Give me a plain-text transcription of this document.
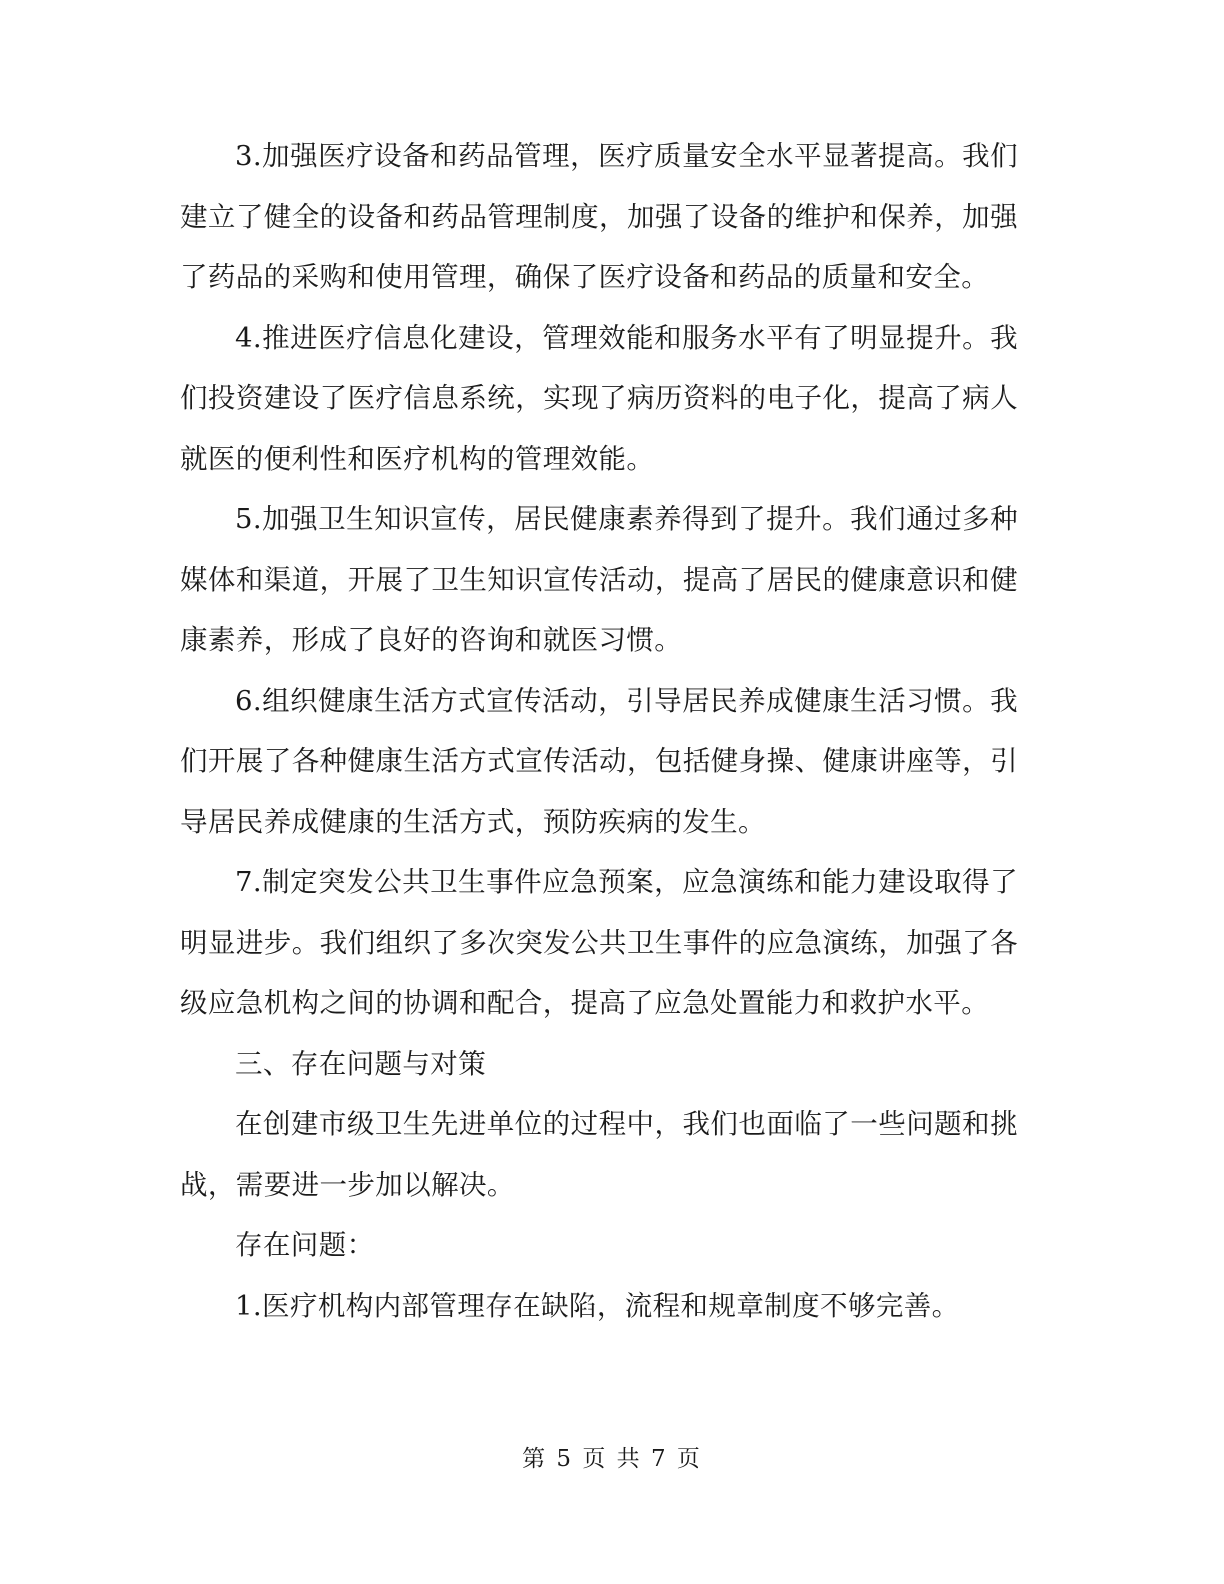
3.加强医疗设备和药品管理，医疗质量安全水平显著提高。我们建立了健全的设备和药品管理制度，加强了设备的维护和保养，加强了药品的采购和使用管理，确保了医疗设备和药品的质量和安全。

4.推进医疗信息化建设，管理效能和服务水平有了明显提升。我们投资建设了医疗信息系统，实现了病历资料的电子化，提高了病人就医的便利性和医疗机构的管理效能。

5.加强卫生知识宣传，居民健康素养得到了提升。我们通过多种媒体和渠道，开展了卫生知识宣传活动，提高了居民的健康意识和健康素养，形成了良好的咨询和就医习惯。

6.组织健康生活方式宣传活动，引导居民养成健康生活习惯。我们开展了各种健康生活方式宣传活动，包括健身操、健康讲座等，引导居民养成健康的生活方式，预防疾病的发生。

7.制定突发公共卫生事件应急预案，应急演练和能力建设取得了明显进步。我们组织了多次突发公共卫生事件的应急演练，加强了各级应急机构之间的协调和配合，提高了应急处置能力和救护水平。

三、存在问题与对策

在创建市级卫生先进单位的过程中，我们也面临了一些问题和挑战，需要进一步加以解决。

存在问题：

1.医疗机构内部管理存在缺陷，流程和规章制度不够完善。

第 5 页 共 7 页
